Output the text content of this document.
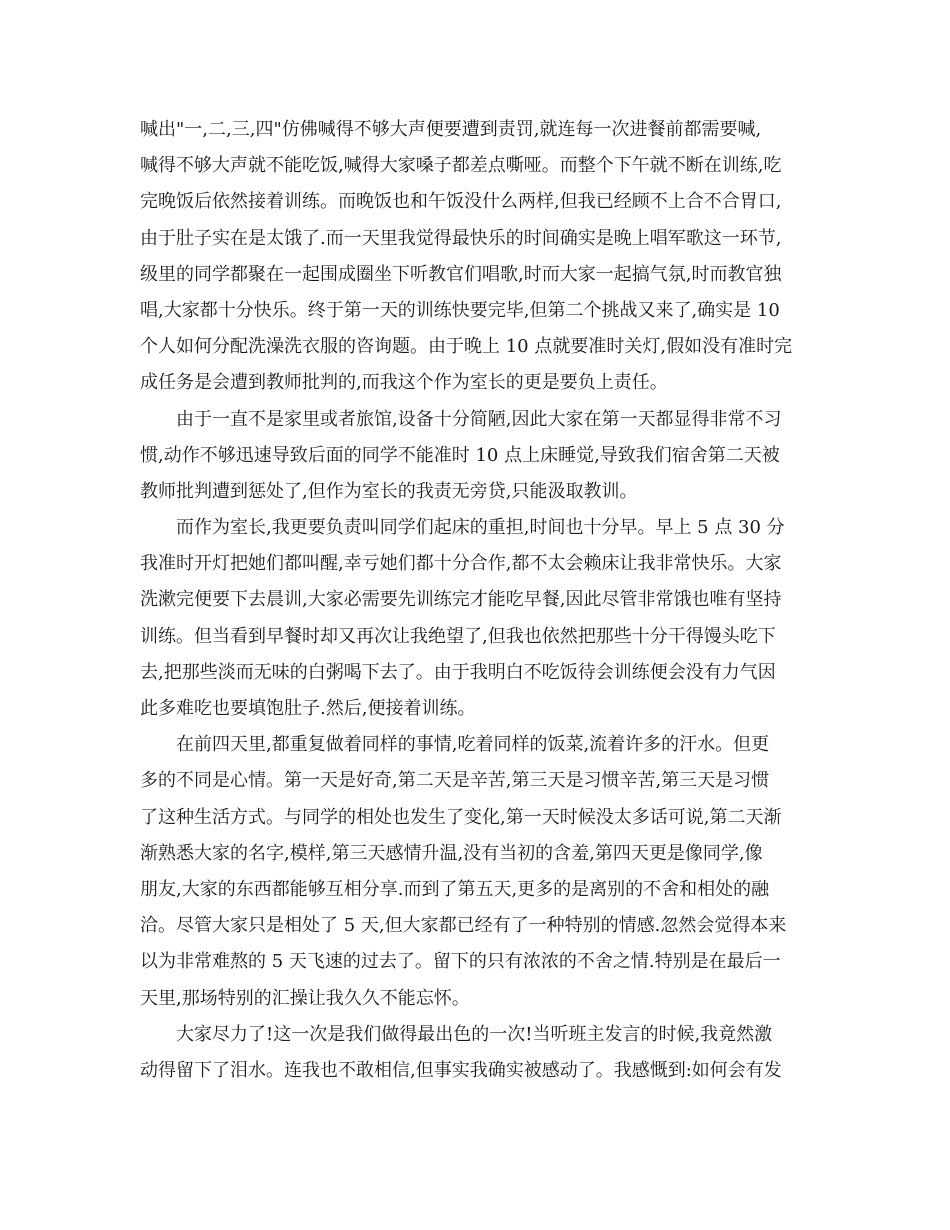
喊出"一,二,三,四"仿佛喊得不够大声便要遭到责罚,就连每一次进餐前都需要喊,
喊得不够大声就不能吃饭,喊得大家嗓子都差点嘶哑。而整个下午就不断在训练,吃
完晚饭后依然接着训练。而晚饭也和午饭没什么两样,但我已经顾不上合不合胃口,
由于肚子实在是太饿了.而一天里我觉得最快乐的时间确实是晚上唱军歌这一环节,
级里的同学都聚在一起围成圈坐下听教官们唱歌,时而大家一起搞气氛,时而教官独
唱,大家都十分快乐。终于第一天的训练快要完毕,但第二个挑战又来了,确实是 10
个人如何分配洗澡洗衣服的咨询题。由于晚上 10 点就要准时关灯,假如没有准时完
成任务是会遭到教师批判的,而我这个作为室长的更是要负上责任。
由于一直不是家里或者旅馆,设备十分简陋,因此大家在第一天都显得非常不习
惯,动作不够迅速导致后面的同学不能准时 10 点上床睡觉,导致我们宿舍第二天被
教师批判遭到惩处了,但作为室长的我责无旁贷,只能汲取教训。
而作为室长,我更要负责叫同学们起床的重担,时间也十分早。早上 5 点 30 分
我准时开灯把她们都叫醒,幸亏她们都十分合作,都不太会赖床让我非常快乐。大家
洗漱完便要下去晨训,大家必需要先训练完才能吃早餐,因此尽管非常饿也唯有坚持
训练。但当看到早餐时却又再次让我绝望了,但我也依然把那些十分干得馒头吃下
去,把那些淡而无味的白粥喝下去了。由于我明白不吃饭待会训练便会没有力气因
此多难吃也要填饱肚子.然后,便接着训练。
在前四天里,都重复做着同样的事情,吃着同样的饭菜,流着许多的汗水。但更
多的不同是心情。第一天是好奇,第二天是辛苦,第三天是习惯辛苦,第三天是习惯
了这种生活方式。与同学的相处也发生了变化,第一天时候没太多话可说,第二天渐
渐熟悉大家的名字,模样,第三天感情升温,没有当初的含羞,第四天更是像同学,像
朋友,大家的东西都能够互相分享.而到了第五天,更多的是离别的不舍和相处的融
洽。尽管大家只是相处了 5 天,但大家都已经有了一种特别的情感.忽然会觉得本来
以为非常难熬的 5 天飞速的过去了。留下的只有浓浓的不舍之情.特别是在最后一
天里,那场特别的汇操让我久久不能忘怀。
大家尽力了!这一次是我们做得最出色的一次!当听班主发言的时候,我竟然激
动得留下了泪水。连我也不敢相信,但事实我确实被感动了。我感慨到:如何会有发
